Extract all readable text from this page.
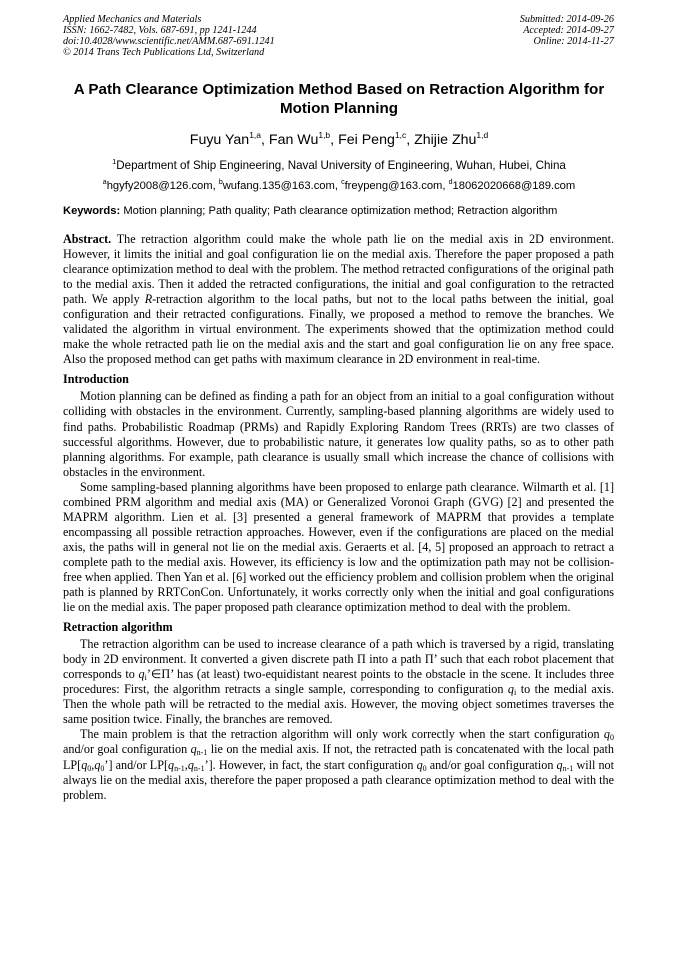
Applied Mechanics and Materials
ISSN: 1662-7482, Vols. 687-691, pp 1241-1244
doi:10.4028/www.scientific.net/AMM.687-691.1241
© 2014 Trans Tech Publications Ltd, Switzerland
Submitted: 2014-09-26
Accepted: 2014-09-27
Online: 2014-11-27
A Path Clearance Optimization Method Based on Retraction Algorithm for Motion Planning
Fuyu Yan$^{1,a}$, Fan Wu$^{1,b}$, Fei Peng$^{1,c}$, Zhijie Zhu$^{1,d}$
$^1$Department of Ship Engineering, Naval University of Engineering, Wuhan, Hubei, China
$^a$hgyfy2008@126.com, $^b$wufang.135@163.com, $^c$freypeng@163.com, $^d$18062020668@189.com
Keywords: Motion planning; Path quality; Path clearance optimization method; Retraction algorithm

Abstract. The retraction algorithm could make the whole path lie on the medial axis in 2D environment. However, it limits the initial and goal configuration lie on the medial axis. Therefore the paper proposed a path clearance optimization method to deal with the problem. The method retracted configurations of the original path to the medial axis. Then it added the retracted configurations, the initial and goal configuration to the retracted path. We apply R-retraction algorithm to the local paths, but not to the local paths between the initial, goal configuration and their retracted configurations. Finally, we proposed a method to remove the branches. We validated the algorithm in virtual environment. The experiments showed that the optimization method could make the whole retracted path lie on the medial axis and the start and goal configuration lie on any free space. Also the proposed method can get paths with maximum clearance in 2D environment in real-time.

Introduction

Motion planning can be defined as finding a path for an object from an initial to a goal configuration without colliding with obstacles in the environment. Currently, sampling-based planning algorithms are widely used to find paths. Probabilistic Roadmap (PRMs) and Rapidly Exploring Random Trees (RRTs) are two classes of successful algorithms. However, due to probabilistic nature, it generates low quality paths, so as to other path planning algorithms. For example, path clearance is usually small which increase the chance of collisions with obstacles in the environment.

Some sampling-based planning algorithms have been proposed to enlarge path clearance. Wilmarth et al. [1] combined PRM algorithm and medial axis (MA) or Generalized Voronoi Graph (GVG) [2] and presented the MAPRM algorithm. Lien et al. [3] presented a general framework of MAPRM that provides a template encompassing all possible retraction approaches. However, even if the configurations are placed on the medial axis, the paths will in general not lie on the medial axis. Geraerts et al. [4, 5] proposed an approach to retract a complete path to the medial axis. However, its efficiency is low and the optimization path may not be collision-free when applied. Then Yan et al. [6] worked out the efficiency problem and collision problem when the original path is planned by RRTConCon. Unfortunately, it works correctly only when the initial and goal configurations lie on the medial axis. The paper proposed path clearance optimization method to deal with the problem.

Retraction algorithm

The retraction algorithm can be used to increase clearance of a path which is traversed by a rigid, translating body in 2D environment. It converted a given discrete path Π into a path Π’ such that each robot placement that corresponds to $q_i’\in\Pi$’ has (at least) two-equidistant nearest points to the obstacle in the scene. It includes three procedures: First, the algorithm retracts a single sample, corresponding to configuration $q_i$ to the medial axis. Then the whole path will be retracted to the medial axis. However, the moving object sometimes traverses the same position twice. Finally, the branches are removed.

The main problem is that the retraction algorithm will only work correctly when the start configuration $q_0$ and/or goal configuration $q_{n-1}$ lie on the medial axis. If not, the retracted path is concatenated with the local path $LP[q_0,q_0’]$ and/or $LP[q_{n-1},q_{n-1}’]$. However, in fact, the start configuration $q_0$ and/or goal configuration $q_{n-1}$ will not always lie on the medial axis, therefore the paper proposed a path clearance optimization method to deal with the problem.
